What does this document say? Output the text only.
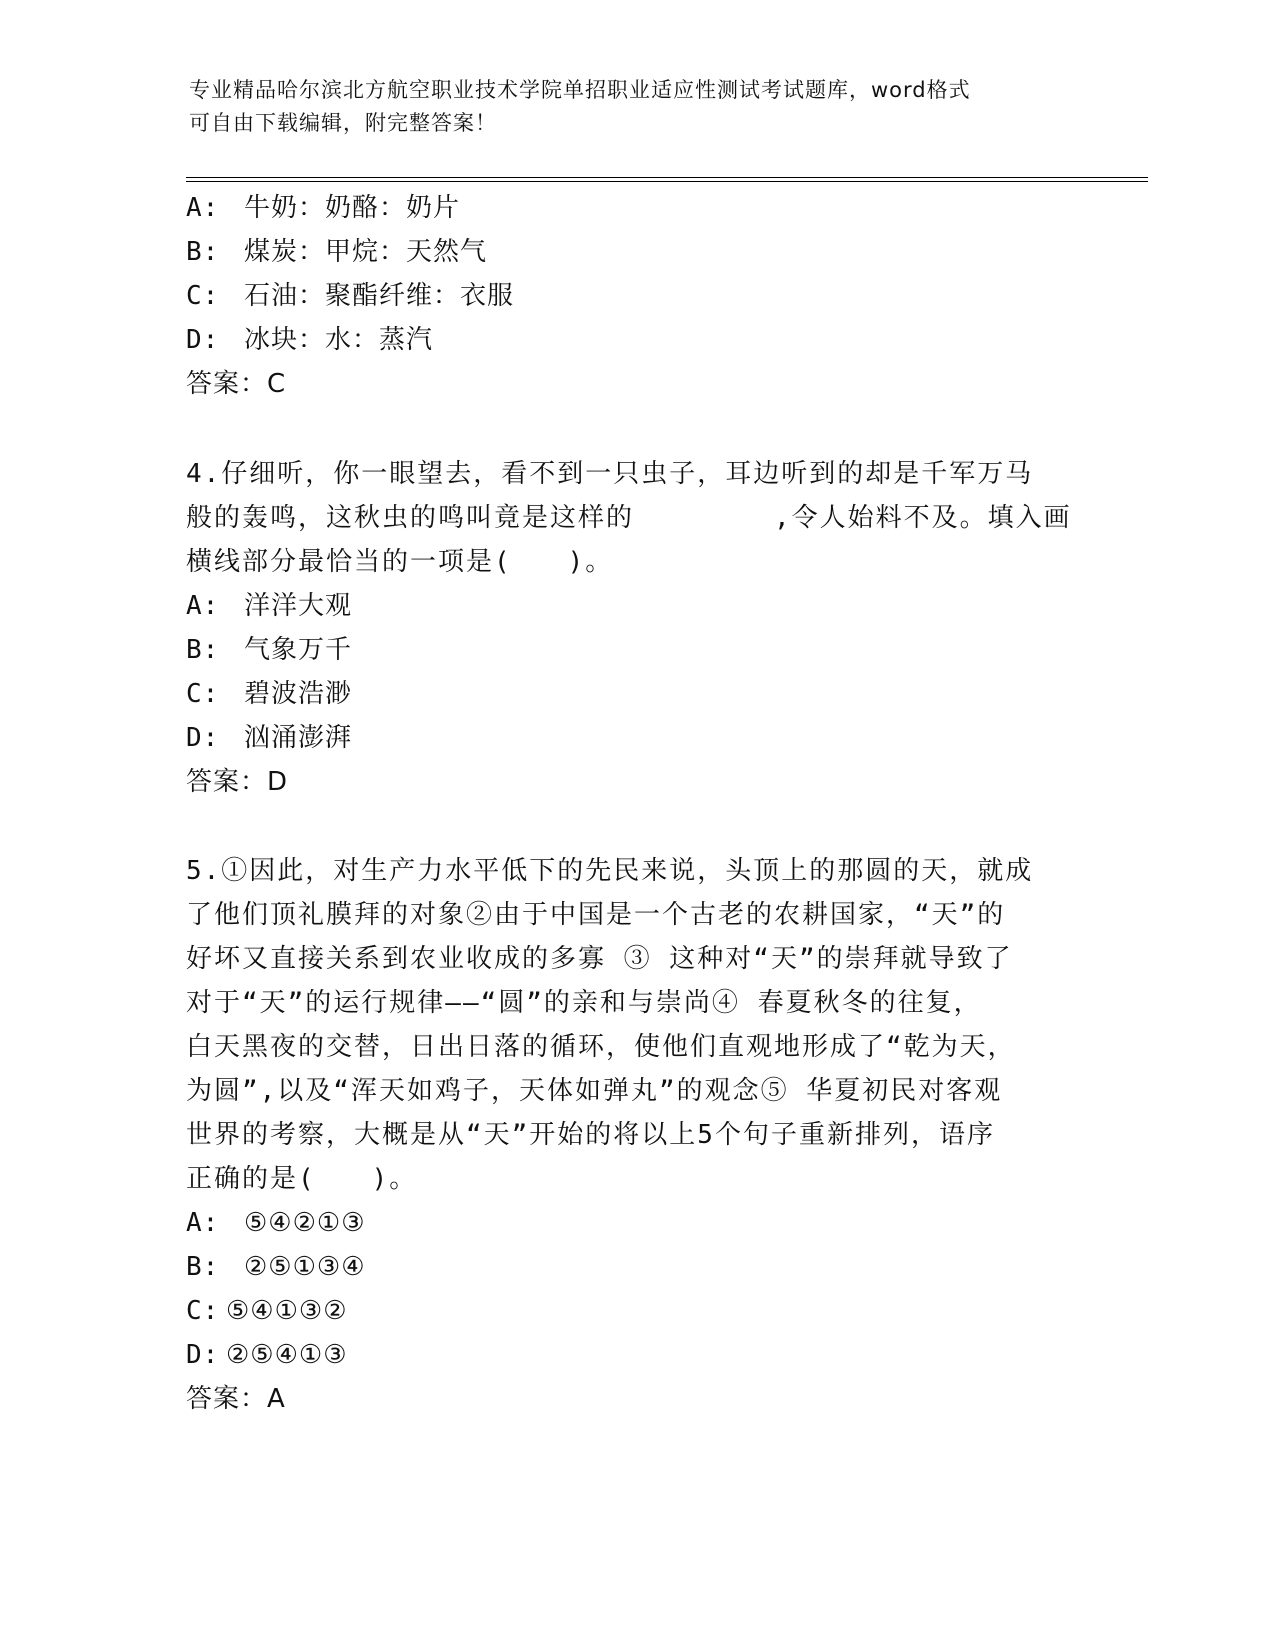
专业精品哈尔滨北方航空职业技术学院单招职业适应性测试考试题库，word格式
可自由下载编辑，附完整答案！
A: 牛奶：奶酪：奶片
B: 煤炭：甲烷：天然气
C: 石油：聚酯纤维：衣服
D: 冰块：水：蒸汽
答案：C
4.仔细听，你一眼望去，看不到一只虫子，耳边听到的却是千军万马
般的轰鸣，这秋虫的鸣叫竟是这样的　　　　　,令人始料不及。填入画
横线部分最恰当的一项是(　　)。
A: 洋洋大观
B: 气象万千
C: 碧波浩渺
D: 汹涌澎湃
答案：D
5.①因此，对生产力水平低下的先民来说，头顶上的那圆的天，就成
了他们顶礼膜拜的对象②由于中国是一个古老的农耕国家，“天”的
好坏又直接关系到农业收成的多寡 ③ 这种对“天”的崇拜就导致了
对于“天”的运行规律——“圆”的亲和与崇尚④ 春夏秋冬的往复，
白天黑夜的交替，日出日落的循环，使他们直观地形成了“乾为天，
为圆”,以及“浑天如鸡子，天体如弹丸”的观念⑤ 华夏初民对客观
世界的考察，大概是从“天”开始的将以上5个句子重新排列，语序
正确的是(　　)。
A: ⑤④②①③
B: ②⑤①③④
C: ⑤④①③②
D: ②⑤④①③
答案：A
